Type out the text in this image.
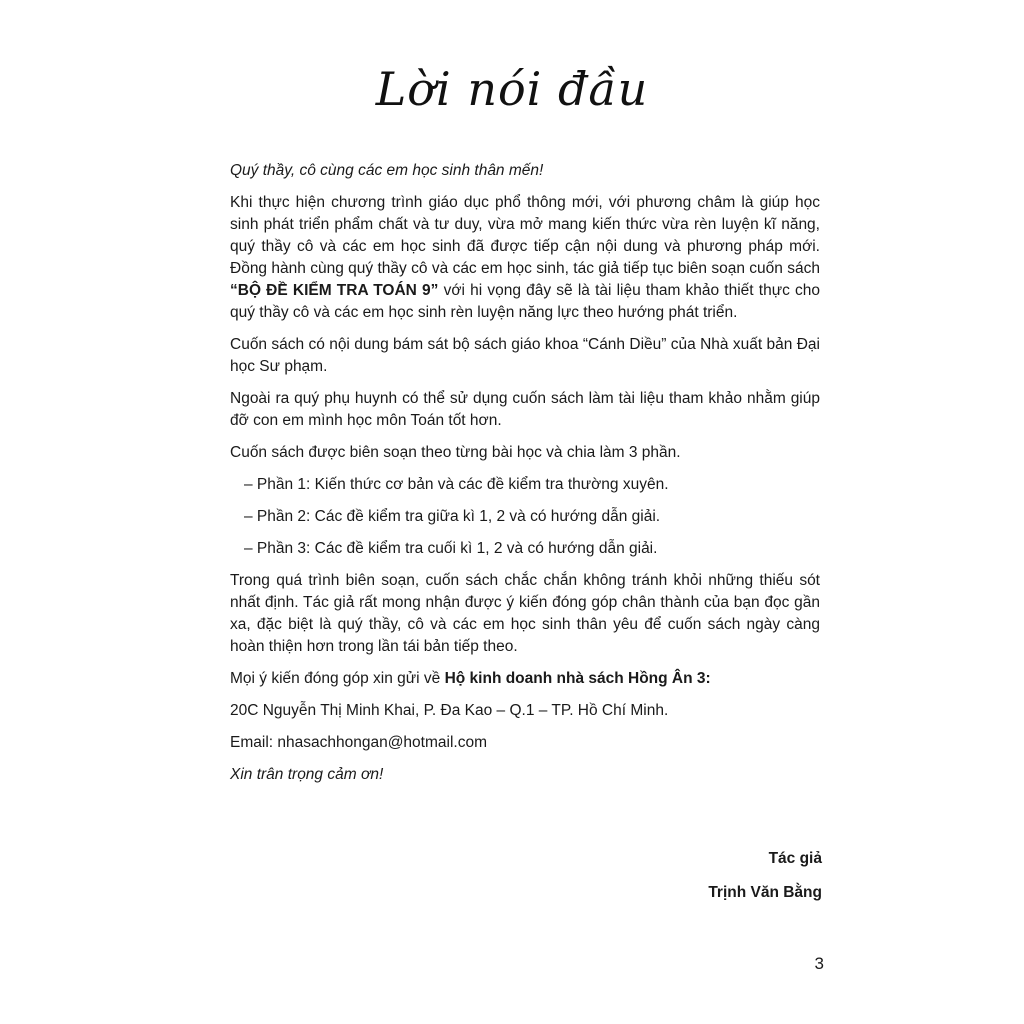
Lời nói đầu

Quý thầy, cô cùng các em học sinh thân mến!

Khi thực hiện chương trình giáo dục phổ thông mới, với phương châm là giúp học sinh phát triển phẩm chất và tư duy, vừa mở mang kiến thức vừa rèn luyện kĩ năng, quý thầy cô và các em học sinh đã được tiếp cận nội dung và phương pháp mới. Đồng hành cùng quý thầy cô và các em học sinh, tác giả tiếp tục biên soạn cuốn sách “BỘ ĐỀ KIỂM TRA TOÁN 9” với hi vọng đây sẽ là tài liệu tham khảo thiết thực cho quý thầy cô và các em học sinh rèn luyện năng lực theo hướng phát triển.

Cuốn sách có nội dung bám sát bộ sách giáo khoa “Cánh Diều” của Nhà xuất bản Đại học Sư phạm.

Ngoài ra quý phụ huynh có thể sử dụng cuốn sách làm tài liệu tham khảo nhằm giúp đỡ con em mình học môn Toán tốt hơn.

Cuốn sách được biên soạn theo từng bài học và chia làm 3 phần.

– Phần 1: Kiến thức cơ bản và các đề kiểm tra thường xuyên.

– Phần 2: Các đề kiểm tra giữa kì 1, 2 và có hướng dẫn giải.

– Phần 3: Các đề kiểm tra cuối kì 1, 2 và có hướng dẫn giải.

Trong quá trình biên soạn, cuốn sách chắc chắn không tránh khỏi những thiếu sót nhất định. Tác giả rất mong nhận được ý kiến đóng góp chân thành của bạn đọc gần xa, đặc biệt là quý thầy, cô và các em học sinh thân yêu để cuốn sách ngày càng hoàn thiện hơn trong lần tái bản tiếp theo.

Mọi ý kiến đóng góp xin gửi về Hộ kinh doanh nhà sách Hồng Ân 3:

20C Nguyễn Thị Minh Khai, P. Đa Kao – Q.1 – TP. Hồ Chí Minh.

Email: nhasachhongan@hotmail.com

Xin trân trọng cảm ơn!

Tác giả
Trịnh Văn Bằng
3
